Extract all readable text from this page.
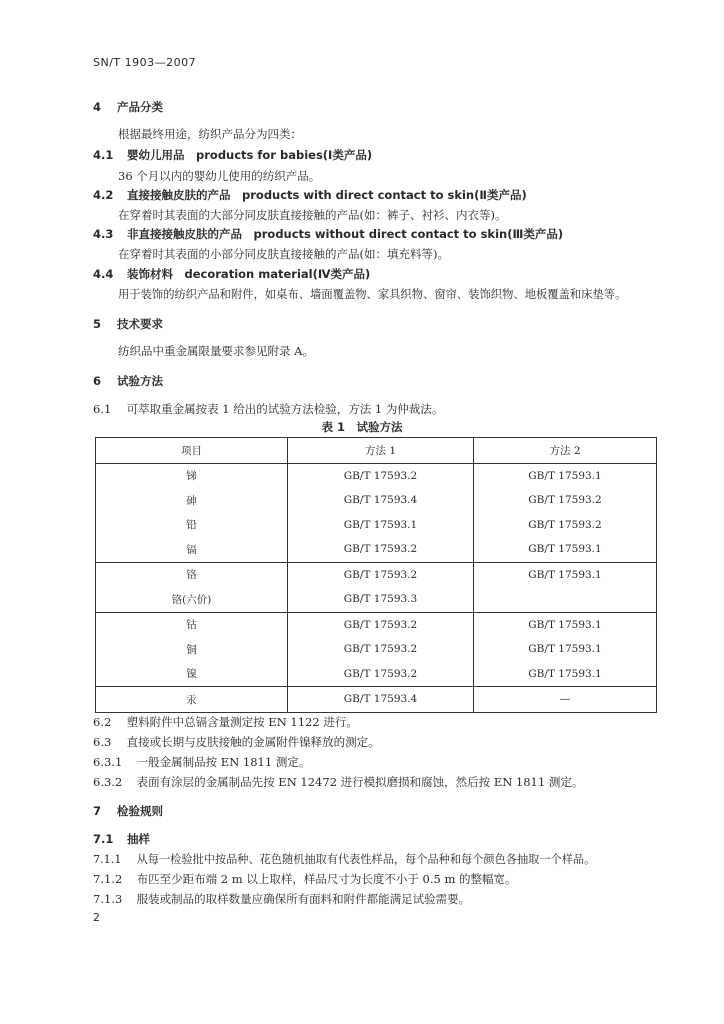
SN/T 1903—2007
4 产品分类
根据最终用途，纺织产品分为四类：
4.1 婴幼儿用品　products for babies(Ⅰ类产品)
36 个月以内的婴幼儿使用的纺织产品。
4.2 直接接触皮肤的产品　products with direct contact to skin(Ⅱ类产品)
在穿着时其表面的大部分同皮肤直接接触的产品(如：裤子、衬衫、内衣等)。
4.3 非直接接触皮肤的产品　products without direct contact to skin(Ⅲ类产品)
在穿着时其表面的小部分同皮肤直接接触的产品(如：填充料等)。
4.4 装饰材料　decoration material(Ⅳ类产品)
用于装饰的纺织产品和附件，如桌布、墙面覆盖物、家具织物、窗帘、装饰织物、地板覆盖和床垫等。
5 技术要求
纺织品中重金属限量要求参见附录 A。
6 试验方法
6.1 可萃取重金属按表 1 给出的试验方法检验，方法 1 为仲裁法。
表 1　试验方法
项目	方法 1	方法 2
锑	GB/T 17593.2	GB/T 17593.1
砷	GB/T 17593.4	GB/T 17593.2
铅	GB/T 17593.1	GB/T 17593.2
镉	GB/T 17593.2	GB/T 17593.1
铬	GB/T 17593.2	GB/T 17593.1
铬(六价)	GB/T 17593.3	
钴	GB/T 17593.2	GB/T 17593.1
铜	GB/T 17593.2	GB/T 17593.1
镍	GB/T 17593.2	GB/T 17593.1
汞	GB/T 17593.4	—
6.2 塑料附件中总镉含量测定按 EN 1122 进行。
6.3 直接或长期与皮肤接触的金属附件镍释放的测定。
6.3.1 一般金属制品按 EN 1811 测定。
6.3.2 表面有涂层的金属制品先按 EN 12472 进行模拟磨损和腐蚀，然后按 EN 1811 测定。
7 检验规则
7.1 抽样
7.1.1 从每一检验批中按品种、花色随机抽取有代表性样品，每个品种和每个颜色各抽取一个样品。
7.1.2 布匹至少距布端 2 m 以上取样，样品尺寸为长度不小于 0.5 m 的整幅宽。
7.1.3 服装或制品的取样数量应确保所有面料和附件都能满足试验需要。
2
